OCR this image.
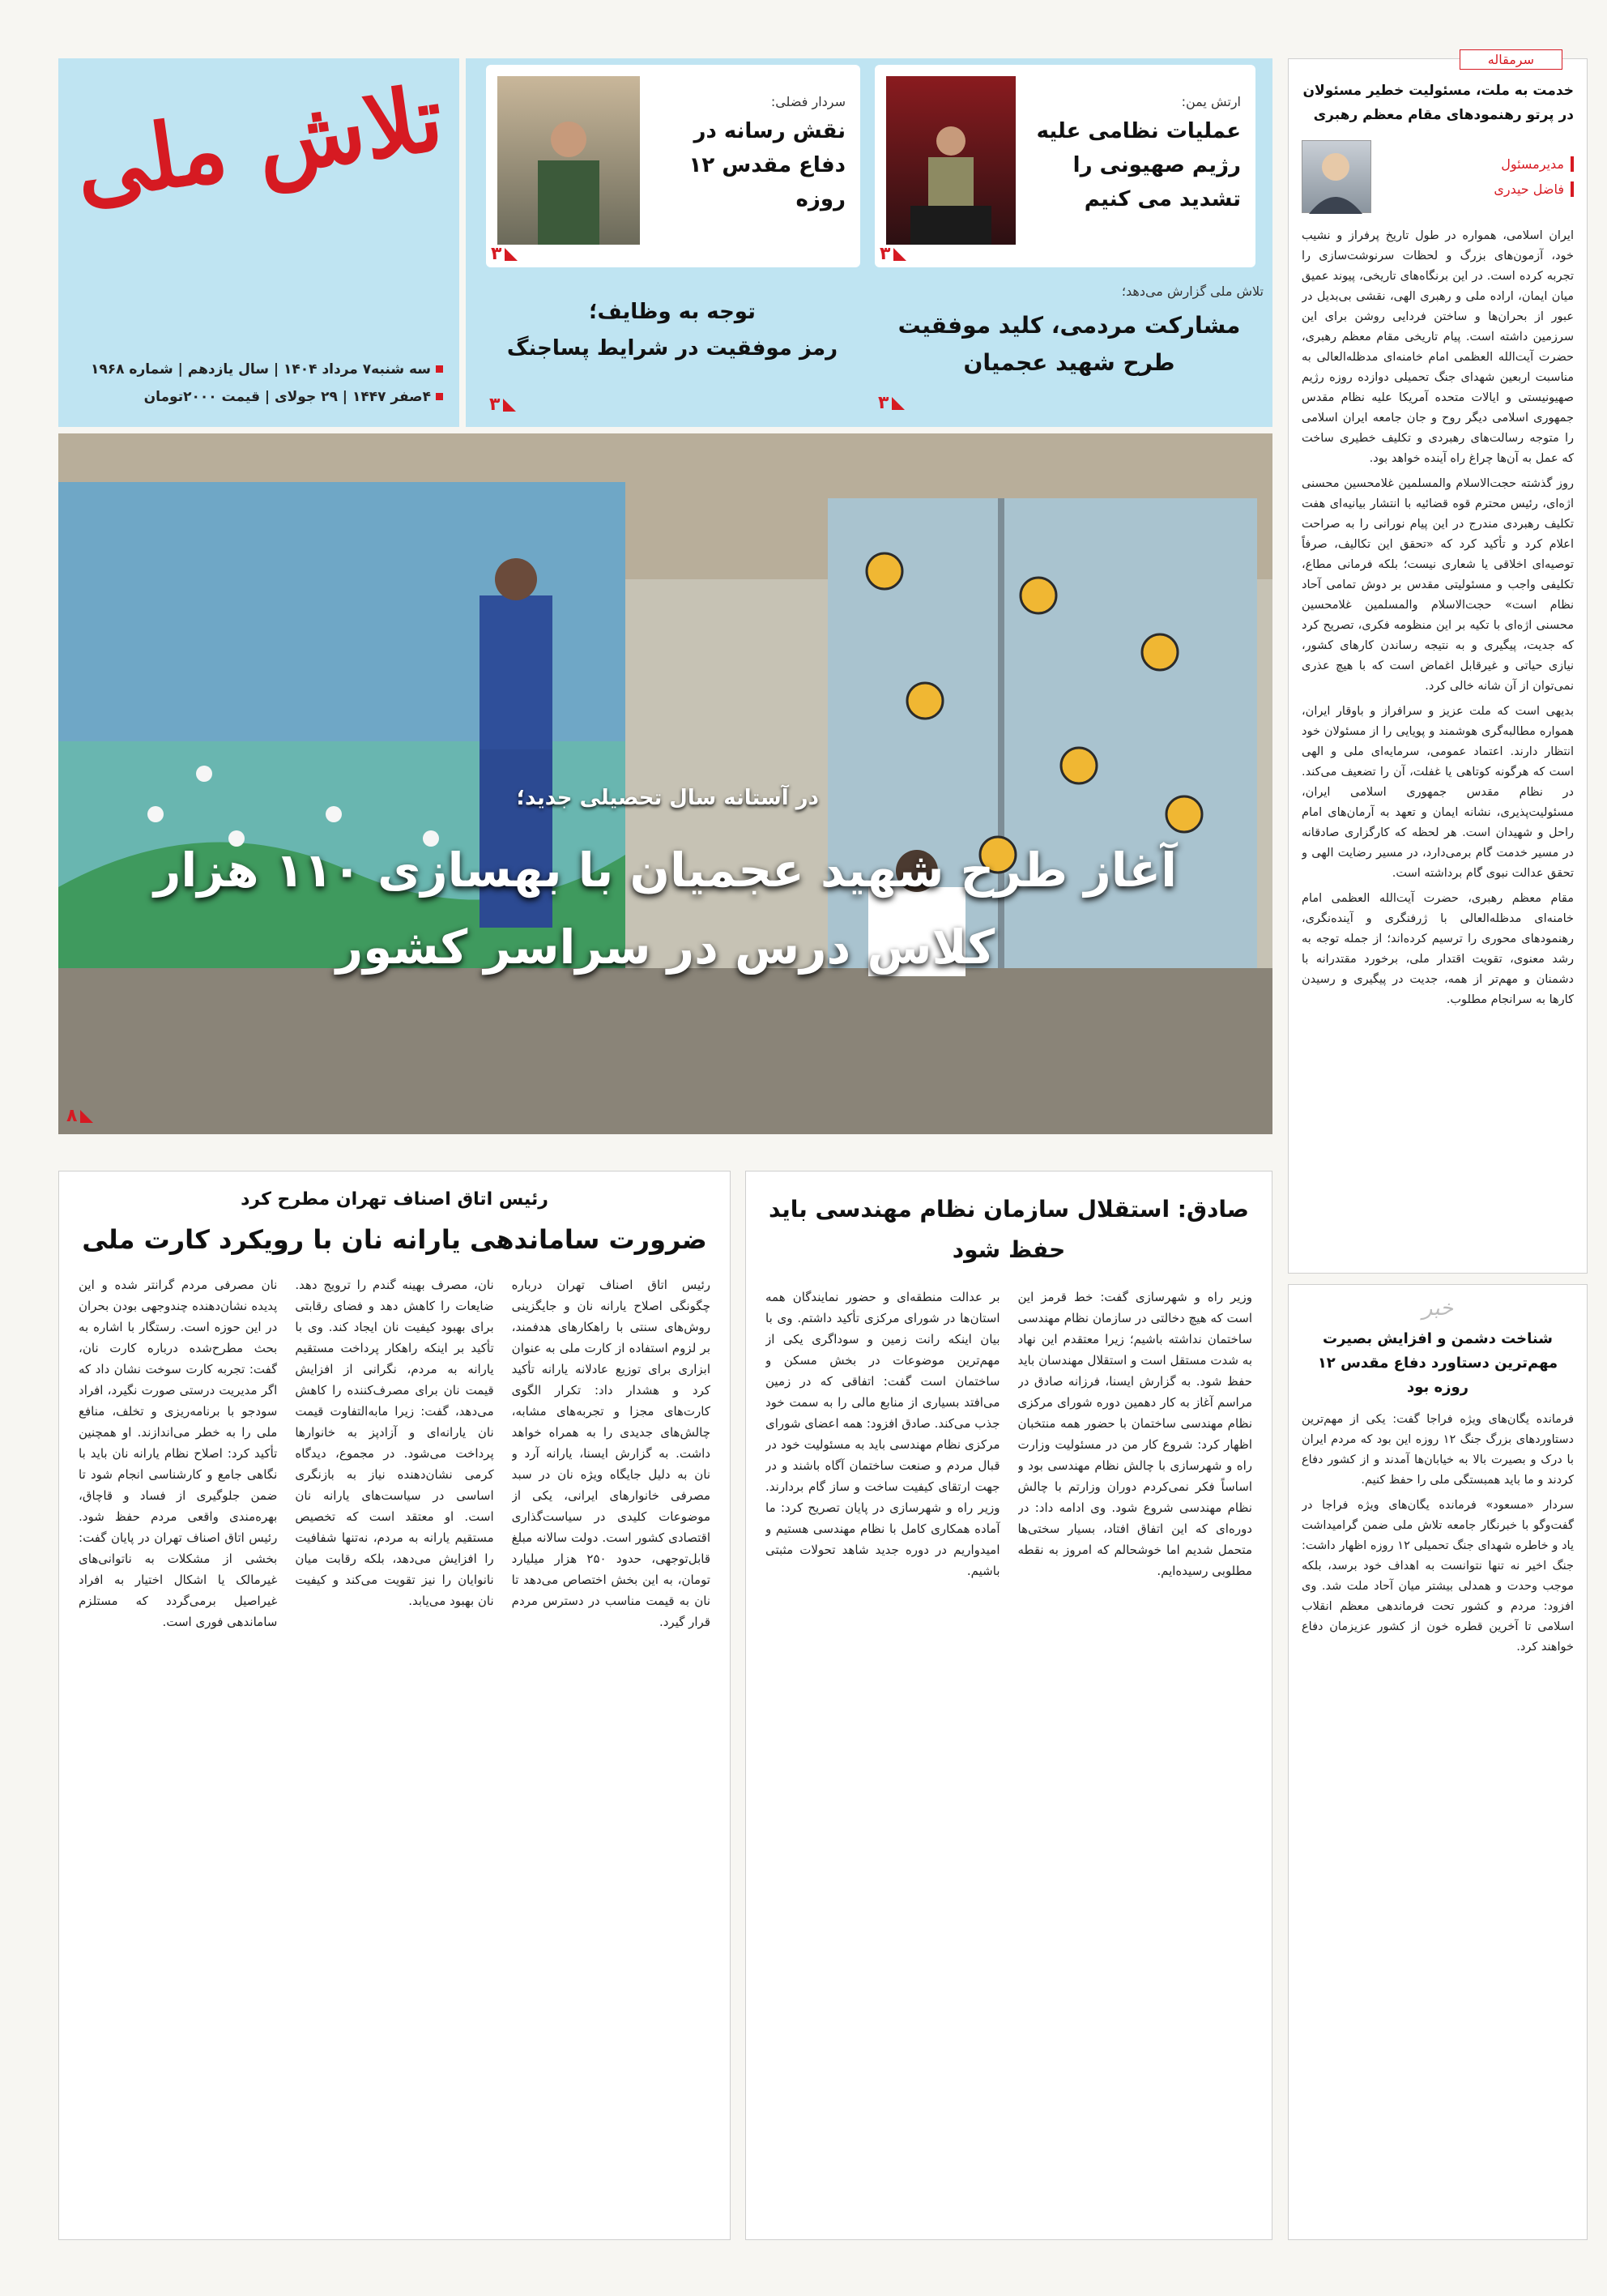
سرمقاله
خدمت به ملت، مسئولیت خطیر مسئولان در پرتو رهنمودهای مقام معظم رهبری
مدیرمسئول
فاضل حیدری

ایران اسلامی، همواره در طول تاریخ پرفراز و نشیب خود، آزمون‌های بزرگ و لحظات سرنوشت‌سازی را تجربه کرده است. در این برنگاه‌های تاریخی، پیوند عمیق میان ایمان، اراده ملی و رهبری الهی، نقشی بی‌بدیل در عبور از بحران‌ها و ساختن فردایی روشن برای این سرزمین داشته است. پیام تاریخی مقام معظم رهبری، حضرت آیت‌الله العظمی امام خامنه‌ای مدظله‌العالی به مناسبت اربعین شهدای جنگ تحمیلی دوازده روزه رژیم صهیونیستی و ایالات متحده آمریکا علیه نظام مقدس جمهوری اسلامی دیگر روح و جان جامعه ایران اسلامی را متوجه رسالت‌های رهبردی و تکلیف خطیری ساخت که عمل به آن‌ها چراغ راه آینده خواهد بود.

روز گذشته حجت‌الاسلام والمسلمین غلامحسین محسنی اژه‌ای، رئیس محترم قوه قضائیه با انتشار بیانیه‌ای هفت تکلیف رهبردی مندرج در این پیام نورانی را به صراحت اعلام کرد و تأکید کرد که «تحقق این تکالیف، صرفاً توصیه‌ای اخلاقی یا شعاری نیست؛ بلکه فرمانی مطاع، تکلیفی واجب و مسئولیتی مقدس بر دوش تمامی آحاد نظام است» حجت‌الاسلام والمسلمین غلامحسین محسنی اژه‌ای با تکیه بر این منظومه فکری، تصریح کرد که جدیت، پیگیری و به نتیجه رساندن کارهای کشور، نیازی حیاتی و غیرقابل اغماض است که با هیچ عذری نمی‌توان از آن شانه خالی کرد.

بدیهی است که ملت عزیز و سرافراز و باوقار ایران، همواره مطالبه‌گری هوشمند و پویایی را از مسئولان خود انتظار دارند. اعتماد عمومی، سرمایه‌ای ملی و الهی است که هرگونه کوتاهی یا غفلت، آن را تضعیف می‌کند. در نظام مقدس جمهوری اسلامی ایران، مسئولیت‌پذیری، نشانه ایمان و تعهد به آرمان‌های امام راحل و شهیدان است. هر لحظه که کارگزاری صادقانه در مسیر خدمت گام برمی‌دارد، در مسیر رضایت الهی و تحقق عدالت نبوی گام برداشته است.

مقام معظم رهبری، حضرت آیت‌الله العظمی امام خامنه‌ای مدظله‌العالی با ژرفنگری و آینده‌نگری، رهنمودهای محوری را ترسیم کرده‌اند؛ از جمله توجه به رشد معنوی، تقویت اقتدار ملی، برخورد مقتدرانه با دشمنان و مهم‌تر از همه، جدیت در پیگیری و رسیدن کارها به سرانجام مطلوب.

خبر
شناخت دشمن و افزایش بصیرت مهم‌ترین دستاورد دفاع مقدس ۱۲ روزه بود

فرمانده یگان‌های ویژه فراجا گفت: یکی از مهم‌ترین دستاوردهای بزرگ جنگ ۱۲ روزه این بود که مردم ایران با درک و بصیرت بالا به خیابان‌ها آمدند و از کشور دفاع کردند و ما باید همبستگی ملی را حفظ کنیم.

سردار «مسعود» فرمانده یگان‌های ویژه فراجا در گفت‌وگو با خبرنگار جامعه تلاش ملی ضمن گرامیداشت یاد و خاطره شهدای جنگ تحمیلی ۱۲ روزه اظهار داشت: جنگ اخیر نه تنها نتوانست به اهداف خود برسد، بلکه موجب وحدت و همدلی بیشتر میان آحاد ملت شد. وی افزود: مردم و کشور تحت فرماندهی معظم انقلاب اسلامی تا آخرین قطره خون از کشور عزیزمان دفاع خواهند کرد.

تلاش ملی
سه شنبه۷ مرداد ۱۴۰۴ | سال یازدهم | شماره ۱۹۶۸
۴صفر ۱۴۴۷ | ۲۹ جولای | قیمت ۲۰۰۰تومان
ارتش یمن:
عملیات نظامی علیه رژیم صهیونی را تشدید می کنیم
۳
سردار فضلی:
نقش رسانه در دفاع مقدس ۱۲ روزه
۳
تلاش ملی گزارش می‌دهد؛
مشارکت مردمی، کلید موفقیت طرح شهید عجمیان
۳
توجه به وظایف؛
رمز موفقیت در شرایط پساجنگ
۳
در آستانه سال تحصیلی جدید؛
آغاز طرح شهید عجمیان با بهسازی ۱۱۰ هزار
کلاس درس در سراسر کشور
۸
صادق: استقلال سازمان نظام مهندسی باید حفظ شود
وزیر راه و شهرسازی گفت: خط قرمز این است که هیچ دخالتی در سازمان نظام مهندسی ساختمان نداشته باشیم؛ زیرا معتقدم این نهاد به شدت مستقل است و استقلال مهندسان باید حفظ شود. به گزارش ایسنا، فرزانه صادق در مراسم آغاز به کار دهمین دوره شورای مرکزی نظام مهندسی ساختمان با حضور همه منتخبان اظهار کرد: شروع کار من در مسئولیت وزارت راه و شهرسازی با چالش نظام مهندسی بود و اساساً فکر نمی‌کردم دوران وزارتم با چالش نظام مهندسی شروع شود. وی ادامه داد: در دوره‌ای که این اتفاق افتاد، بسیار سختی‌ها متحمل شدیم اما خوشحالم که امروز به نقطه مطلوبی رسیده‌ایم.
بر عدالت منطقه‌ای و حضور نمایندگان همه استان‌ها در شورای مرکزی تأکید داشتم. وی با بیان اینکه رانت زمین و سوداگری یکی از مهم‌ترین موضوعات در بخش مسکن و ساختمان است گفت: اتفاقی که در زمین می‌افتد بسیاری از منابع مالی را به سمت خود جذب می‌کند. صادق افزود: همه اعضای شورای مرکزی نظام مهندسی باید به مسئولیت خود در قبال مردم و صنعت ساختمان آگاه باشند و در جهت ارتقای کیفیت ساخت و ساز گام بردارند. وزیر راه و شهرسازی در پایان تصریح کرد: ما آماده همکاری کامل با نظام مهندسی هستیم و امیدواریم در دوره جدید شاهد تحولات مثبتی باشیم.
رئیس اتاق اصناف تهران مطرح کرد
ضرورت ساماندهی یارانه نان با رویکرد کارت ملی
رئیس اتاق اصناف تهران درباره چگونگی اصلاح یارانه نان و جایگزینی روش‌های سنتی با راهکارهای هدفمند، بر لزوم استفاده از کارت ملی به عنوان ابزاری برای توزیع عادلانه یارانه تأکید کرد و هشدار داد: تکرار الگوی کارت‌های مجزا و تجربه‌های مشابه، چالش‌های جدیدی را به همراه خواهد داشت. به گزارش ایسنا، یارانه آرد و نان به دلیل جایگاه ویژه نان در سبد مصرفی خانوارهای ایرانی، یکی از موضوعات کلیدی در سیاست‌گذاری اقتصادی کشور است. دولت سالانه مبلغ قابل‌توجهی، حدود ۲۵۰ هزار میلیارد تومان، به این بخش اختصاص می‌دهد تا نان به قیمت مناسب در دسترس مردم قرار گیرد.
نان، مصرف بهینه گندم را ترویج دهد. ضایعات را کاهش دهد و فضای رقابتی برای بهبود کیفیت نان ایجاد کند. وی با تأکید بر اینکه راهکار پرداخت مستقیم یارانه به مردم، نگرانی از افزایش قیمت نان برای مصرف‌کننده را کاهش می‌دهد، گفت: زیرا مابه‌التفاوت قیمت نان یارانه‌ای و آزادپز به خانوارها پرداخت می‌شود. در مجموع، دیدگاه کرمی نشان‌دهنده نیاز به بازنگری اساسی در سیاست‌های یارانه نان است. او معتقد است که تخصیص مستقیم یارانه به مردم، نه‌تنها شفافیت را افزایش می‌دهد، بلکه رقابت میان نانوایان را نیز تقویت می‌کند و کیفیت نان بهبود می‌یابد.
نان مصرفی مردم گرانتر شده و این پدیده نشان‌دهنده چندوجهی بودن بحران در این حوزه است. رستگار با اشاره به بحث مطرح‌شده درباره کارت نان، گفت: تجربه کارت سوخت نشان داد که اگر مدیریت درستی صورت نگیرد، افراد سودجو با برنامه‌ریزی و تخلف، منافع ملی را به خطر می‌اندازند. او همچنین تأکید کرد: اصلاح نظام یارانه نان باید با نگاهی جامع و کارشناسی انجام شود تا ضمن جلوگیری از فساد و قاچاق، بهره‌مندی واقعی مردم حفظ شود. رئیس اتاق اصناف تهران در پایان گفت: بخشی از مشکلات به ناتوانی‌های غیرمالک یا اشکال اختیار به افراد غیراصیل برمی‌گردد که مستلزم ساماندهی فوری است.
